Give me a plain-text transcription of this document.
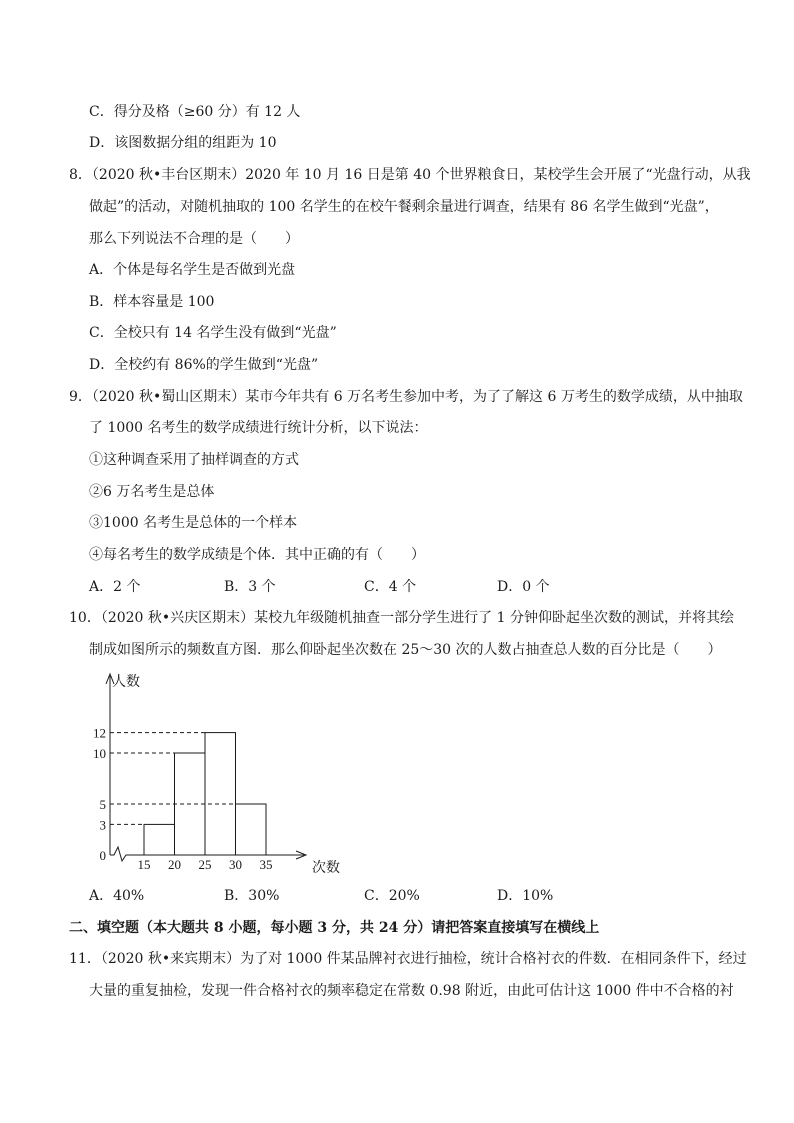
C．得分及格（≥60 分）有 12 人
D．该图数据分组的组距为 10
8．（2020 秋•丰台区期末）2020 年 10 月 16 日是第 40 个世界粮食日，某校学生会开展了“光盘行动，从我
做起”的活动，对随机抽取的 100 名学生的在校午餐剩余量进行调查，结果有 86 名学生做到“光盘”，
那么下列说法不合理的是（　　）
A．个体是每名学生是否做到光盘
B．样本容量是 100
C．全校只有 14 名学生没有做到“光盘”
D．全校约有 86%的学生做到“光盘”
9．（2020 秋•蜀山区期末）某市今年共有 6 万名考生参加中考，为了了解这 6 万考生的数学成绩，从中抽取
了 1000 名考生的数学成绩进行统计分析，以下说法：
①这种调查采用了抽样调查的方式
②6 万名考生是总体
③1000 名考生是总体的一个样本
④每名考生的数学成绩是个体．其中正确的有（　　）
A．2 个	B．3 个	C．4 个	D．0 个
10．（2020 秋•兴庆区期末）某校九年级随机抽查一部分学生进行了 1 分钟仰卧起坐次数的测试，并将其绘
制成如图所示的频数直方图．那么仰卧起坐次数在 25～30 次的人数占抽查总人数的百分比是（　　）
0
3
5
10
12
15 20 25 30 35
人数
次数
A．40%	B．30%	C．20%	D．10%
二、填空题（本大题共 8 小题，每小题 3 分，共 24 分）请把答案直接填写在横线上
11．（2020 秋•来宾期末）为了对 1000 件某品牌衬衣进行抽检，统计合格衬衣的件数．在相同条件下，经过
大量的重复抽检，发现一件合格衬衣的频率稳定在常数 0.98 附近，由此可估计这 1000 件中不合格的衬
